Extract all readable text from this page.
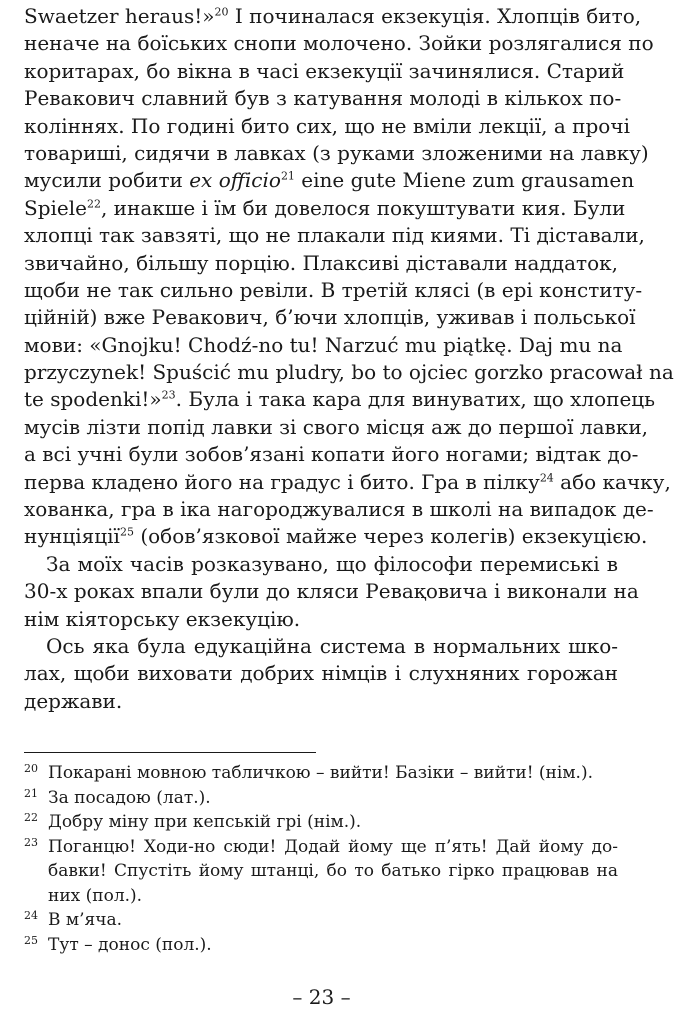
Swaetzer heraus!»$^{20}$ І починалася екзекуція. Хлопців бито,
неначе на боїських снопи молочено. Зойки розлягалися по
коритарах, бо вікна в часі екзекуції зачинялися. Старий
Ревакович славний був з катування молоді в кількох по-
коліннях. По годині бито сих, що не вміли лекції, а прочі
товариші, сидячи в лавках (з руками зложеними на лавку)
мусили робити ex officio$^{21}$ eine gute Miene zum grausamen
Spiele$^{22}$, инакше і їм би довелося покуштувати кия. Були
хлопці так завзяті, що не плакали під киями. Ті діставали,
звичайно, більшу порцію. Плаксиві діставали наддаток,
щоби не так сильно ревіли. В третій клясі (в ері конститу-
ційній) вже Ревакович, б’ючи хлопців, уживав і польської
мови: «Gnojku! Chodź-no tu! Narzuć mu piątkę. Daj mu na
przyczynek! Spuścić mu pludry, bo to ojciec gorzko pracował na
te spodenki!»$^{23}$. Була і така кара для винуватих, що хлопець
мусів лізти попід лавки зі свого місця аж до першої лавки,
а всі учні були зобов’язані копати його ногами; відтак до-
перва кладено його на градус і бито. Гра в пілку$^{24}$ або качку,
хованка, гра в іка нагороджувалися в школі на випадок де-
нунціяції$^{25}$ (обов’язкової майже через колегів) екзекуцією.
За моїх часів розказувано, що філософи перемиські в
30-х роках впали були до кляси Ревақовича і виконали на
нім кіяторську екзекуцію.
Ось яка була едукаційна система в нормальних шко-
лах, щоби виховати добрих німців і слухняних горожан
держави.
20 Покарані мовною табличкою – вийти! Базіки – вийти! (нім.).
21 За посадою (лат.).
22 Добру міну при кепській грі (нім.).
23 Поганцю! Ходи-но сюди! Додай йому ще п’ять! Дай йому до-
бавки! Спустіть йому штанці, бо то батько гірко працював на
них (пол.).
24 В м’яча.
25 Тут – донос (пол.).
– 23 –
